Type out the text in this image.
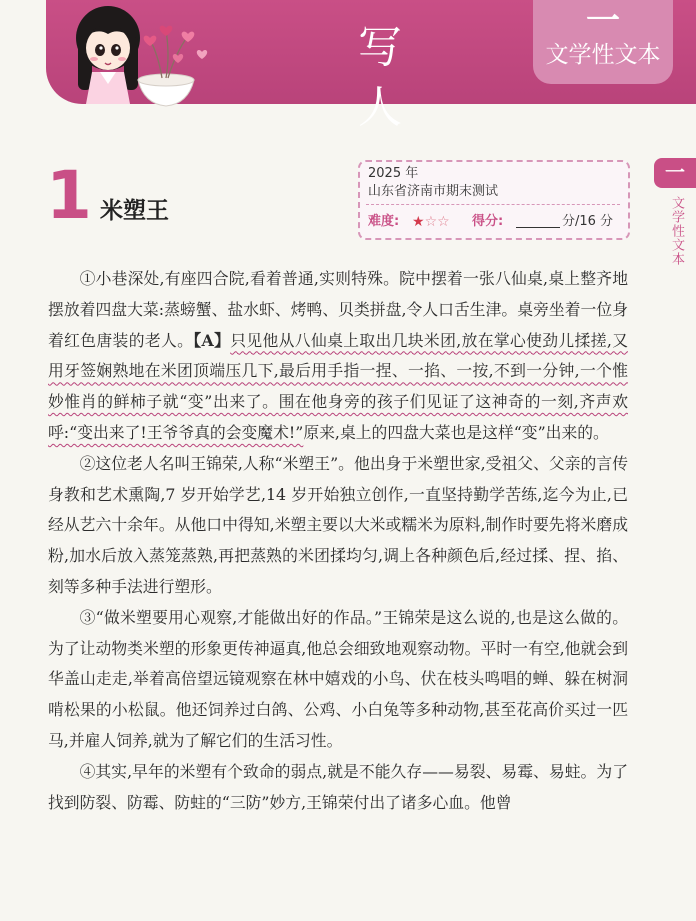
写 人
一
文学性文本
一
文学性文本
1 米塑王
2025 年
山东省济南市期末测试
难度: ★☆☆	得分:	分/16 分

①小巷深处,有座四合院,看着普通,实则特殊。院中摆着一张八仙桌,桌上整齐地摆放着四盘大菜:蒸螃蟹、盐水虾、烤鸭、贝类拼盘,令人口舌生津。桌旁坐着一位身着红色唐装的老人。【A】只见他从八仙桌上取出几块米团,放在掌心使劲儿揉搓,又用牙签娴熟地在米团顶端压几下,最后用手指一捏、一掐、一按,不到一分钟,一个惟妙惟肖的鲜柿子就“变”出来了。围在他身旁的孩子们见证了这神奇的一刻,齐声欢呼:“变出来了!王爷爷真的会变魔术!”原来,桌上的四盘大菜也是这样“变”出来的。

②这位老人名叫王锦荣,人称“米塑王”。他出身于米塑世家,受祖父、父亲的言传身教和艺术熏陶,7 岁开始学艺,14 岁开始独立创作,一直坚持勤学苦练,迄今为止,已经从艺六十余年。从他口中得知,米塑主要以大米或糯米为原料,制作时要先将米磨成粉,加水后放入蒸笼蒸熟,再把蒸熟的米团揉均匀,调上各种颜色后,经过揉、捏、掐、刻等多种手法进行塑形。

③“做米塑要用心观察,才能做出好的作品。”王锦荣是这么说的,也是这么做的。为了让动物类米塑的形象更传神逼真,他总会细致地观察动物。平时一有空,他就会到华盖山走走,举着高倍望远镜观察在林中嬉戏的小鸟、伏在枝头鸣唱的蝉、躲在树洞啃松果的小松鼠。他还饲养过白鸽、公鸡、小白兔等多种动物,甚至花高价买过一匹马,并雇人饲养,就为了解它们的生活习性。

④其实,早年的米塑有个致命的弱点,就是不能久存——易裂、易霉、易蛀。为了找到防裂、防霉、防蛀的“三防”妙方,王锦荣付出了诸多心血。他曾
